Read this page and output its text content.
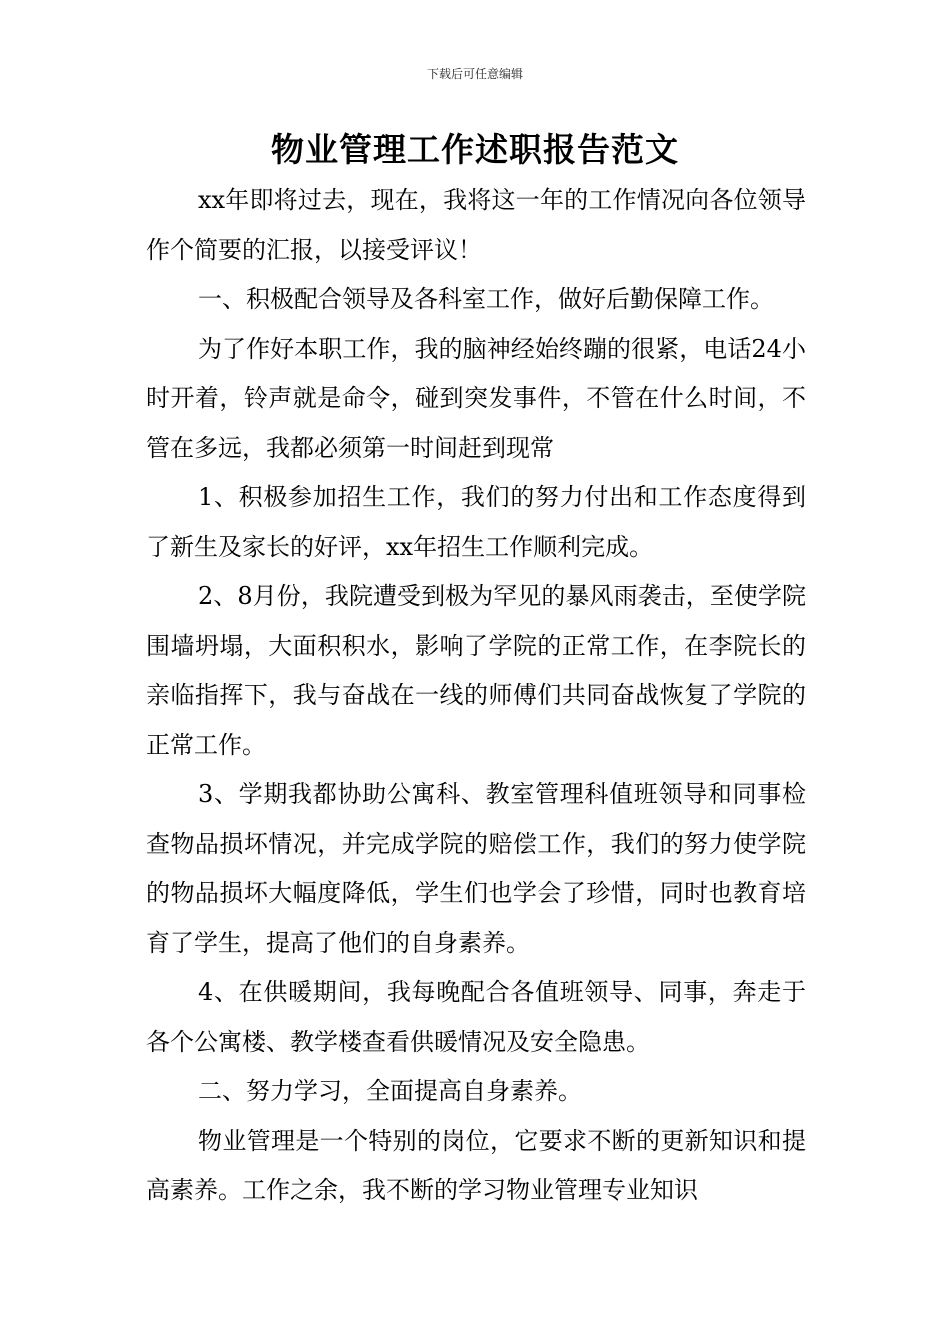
下载后可任意编辑
物业管理工作述职报告范文

xx年即将过去，现在，我将这一年的工作情况向各位领导作个简要的汇报，以接受评议！

一、积极配合领导及各科室工作，做好后勤保障工作。

为了作好本职工作，我的脑神经始终蹦的很紧，电话24小时开着，铃声就是命令，碰到突发事件，不管在什么时间，不管在多远，我都必须第一时间赶到现常

1、积极参加招生工作，我们的努力付出和工作态度得到了新生及家长的好评，xx年招生工作顺利完成。

2、8月份，我院遭受到极为罕见的暴风雨袭击，至使学院围墙坍塌，大面积积水，影响了学院的正常工作，在李院长的亲临指挥下，我与奋战在一线的师傅们共同奋战恢复了学院的正常工作。

3、学期我都协助公寓科、教室管理科值班领导和同事检查物品损坏情况，并完成学院的赔偿工作，我们的努力使学院的物品损坏大幅度降低，学生们也学会了珍惜，同时也教育培育了学生，提高了他们的自身素养。

4、在供暖期间，我每晚配合各值班领导、同事，奔走于各个公寓楼、教学楼查看供暖情况及安全隐患。

二、努力学习，全面提高自身素养。

物业管理是一个特别的岗位，它要求不断的更新知识和提高素养。工作之余，我不断的学习物业管理专业知识
